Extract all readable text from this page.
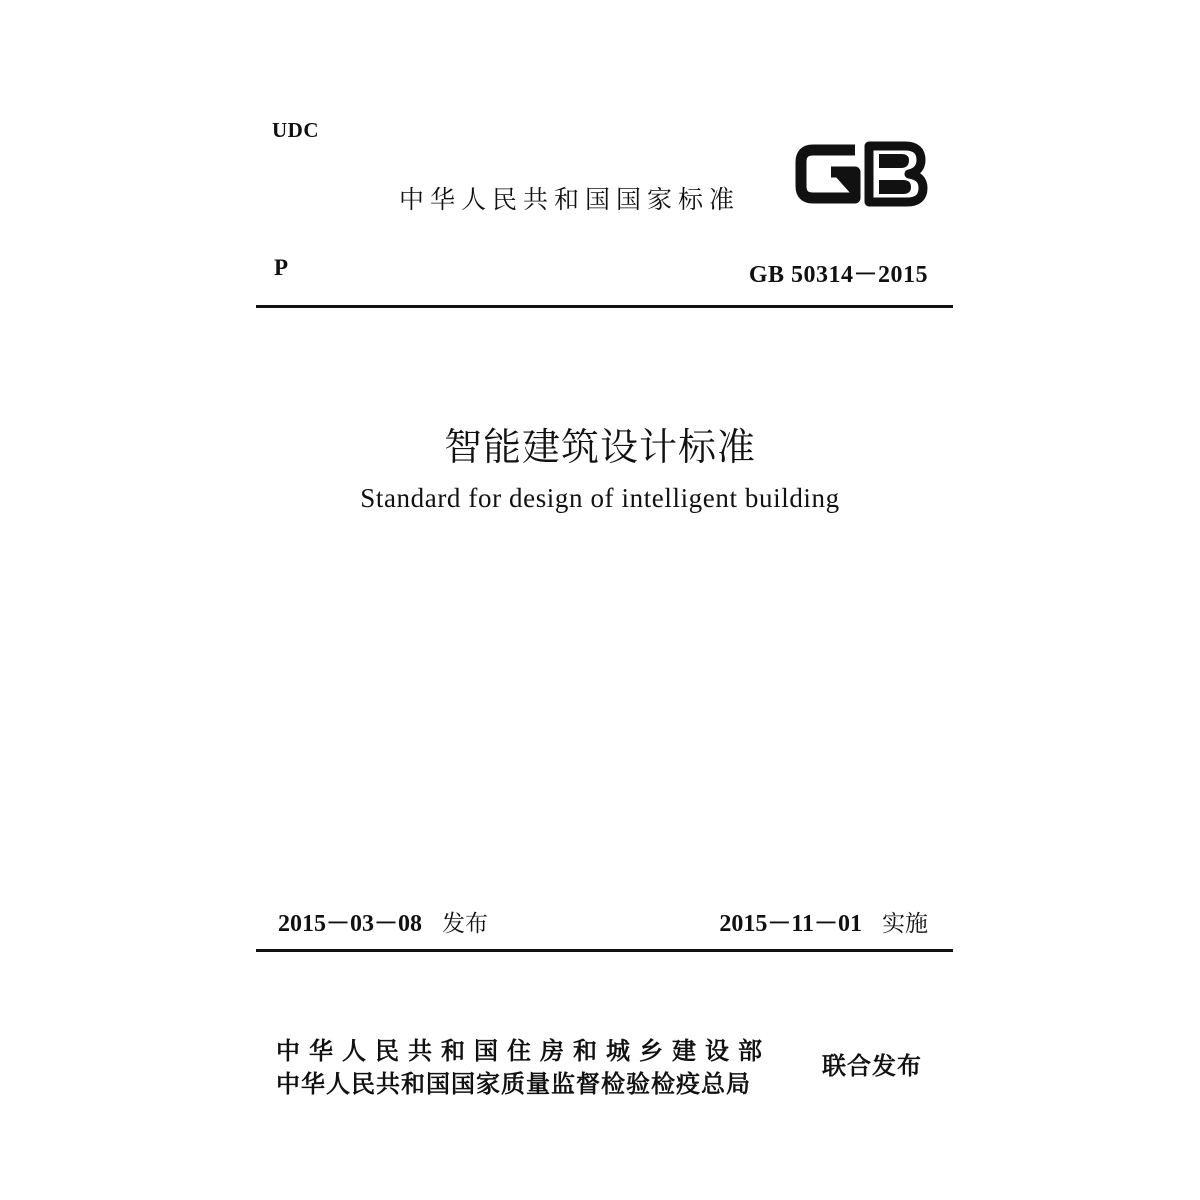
UDC
中华人民共和国国家标准
P	GB 50314－2015
智能建筑设计标准
Standard for design of intelligent building
2015－03－08 发布	2015－11－01 实施
中华人民共和国住房和城乡建设部
中华人民共和国国家质量监督检验检疫总局
联合发布
